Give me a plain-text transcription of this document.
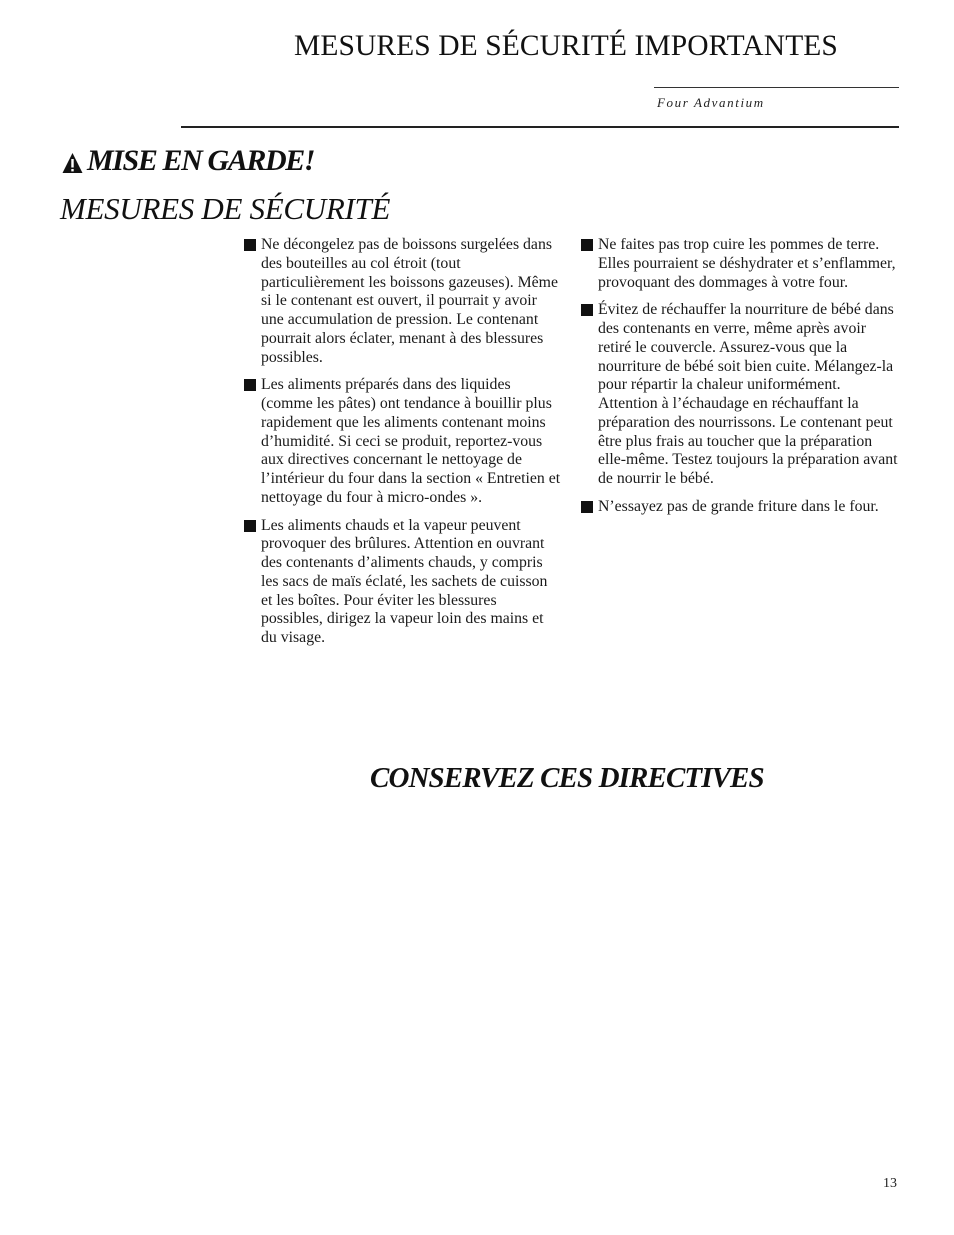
MESURES DE SÉCURITÉ IMPORTANTES
Four Advantium
MISE EN GARDE!
MESURES DE SÉCURITÉ
Ne décongelez pas de boissons surgelées dans des bouteilles au col étroit (tout particulièrement les boissons gazeuses). Même si le contenant est ouvert, il pourrait y avoir une accumulation de pression. Le contenant pourrait alors éclater, menant à des blessures possibles.
Les aliments préparés dans des liquides (comme les pâtes) ont tendance à bouillir plus rapidement que les aliments contenant moins d’humidité. Si ceci se produit, reportez-vous aux directives concernant le nettoyage de l’intérieur du four dans la section « Entretien et nettoyage du four à micro-ondes ».
Les aliments chauds et la vapeur peuvent provoquer des brûlures. Attention en ouvrant des contenants d’aliments chauds, y compris les sacs de maïs éclaté, les sachets de cuisson et les boîtes. Pour éviter les blessures possibles, dirigez la vapeur loin des mains et du visage.
Ne faites pas trop cuire les pommes de terre. Elles pourraient se déshydrater et s’enflammer, provoquant des dommages à votre four.
Évitez de réchauffer la nourriture de bébé dans des contenants en verre, même après avoir retiré le couvercle. Assurez-vous que la nourriture de bébé soit bien cuite. Mélangez-la pour répartir la chaleur uniformément. Attention à l’échaudage en réchauffant la préparation des nourrissons. Le contenant peut être plus frais au toucher que la préparation elle-même. Testez toujours la préparation avant de nourrir le bébé.
N’essayez pas de grande friture dans le four.
CONSERVEZ CES DIRECTIVES
13
